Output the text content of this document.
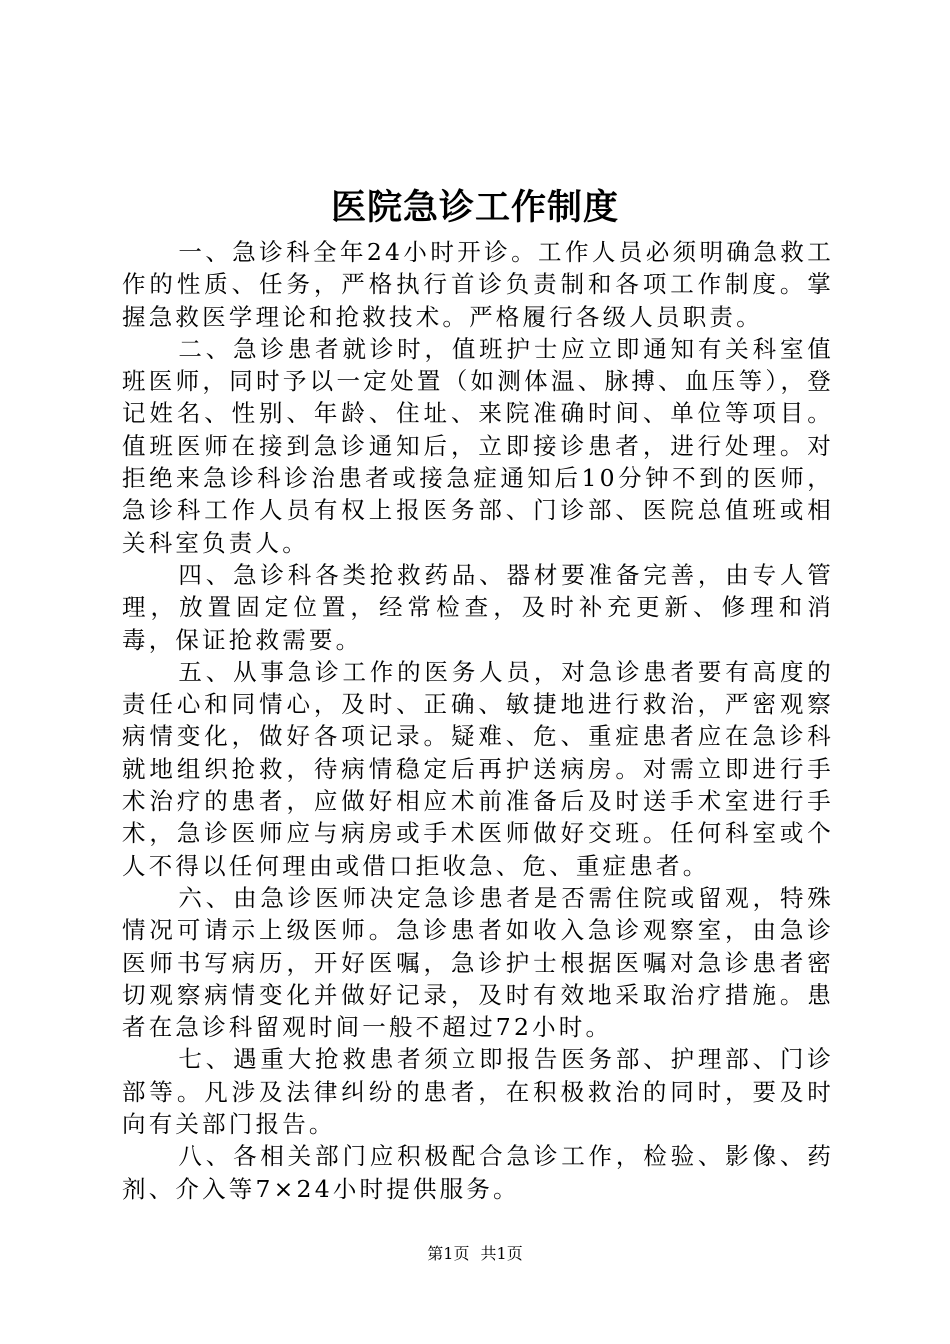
医院急诊工作制度

一、急诊科全年24小时开诊。工作人员必须明确急救工作的性质、任务，严格执行首诊负责制和各项工作制度。掌握急救医学理论和抢救技术。严格履行各级人员职责。

二、急诊患者就诊时，值班护士应立即通知有关科室值班医师，同时予以一定处置（如测体温、脉搏、血压等），登记姓名、性别、年龄、住址、来院准确时间、单位等项目。值班医师在接到急诊通知后，立即接诊患者，进行处理。对拒绝来急诊科诊治患者或接急症通知后10分钟不到的医师，急诊科工作人员有权上报医务部、门诊部、医院总值班或相关科室负责人。

四、急诊科各类抢救药品、器材要准备完善，由专人管理，放置固定位置，经常检查，及时补充更新、修理和消毒，保证抢救需要。

五、从事急诊工作的医务人员，对急诊患者要有高度的责任心和同情心，及时、正确、敏捷地进行救治，严密观察病情变化，做好各项记录。疑难、危、重症患者应在急诊科就地组织抢救，待病情稳定后再护送病房。对需立即进行手术治疗的患者，应做好相应术前准备后及时送手术室进行手术，急诊医师应与病房或手术医师做好交班。任何科室或个人不得以任何理由或借口拒收急、危、重症患者。

六、由急诊医师决定急诊患者是否需住院或留观，特殊情况可请示上级医师。急诊患者如收入急诊观察室，由急诊医师书写病历，开好医嘱，急诊护士根据医嘱对急诊患者密切观察病情变化并做好记录，及时有效地采取治疗措施。患者在急诊科留观时间一般不超过72小时。

七、遇重大抢救患者须立即报告医务部、护理部、门诊部等。凡涉及法律纠纷的患者，在积极救治的同时，要及时向有关部门报告。

八、各相关部门应积极配合急诊工作，检验、影像、药剂、介入等7×24小时提供服务。

第1页 共1页
